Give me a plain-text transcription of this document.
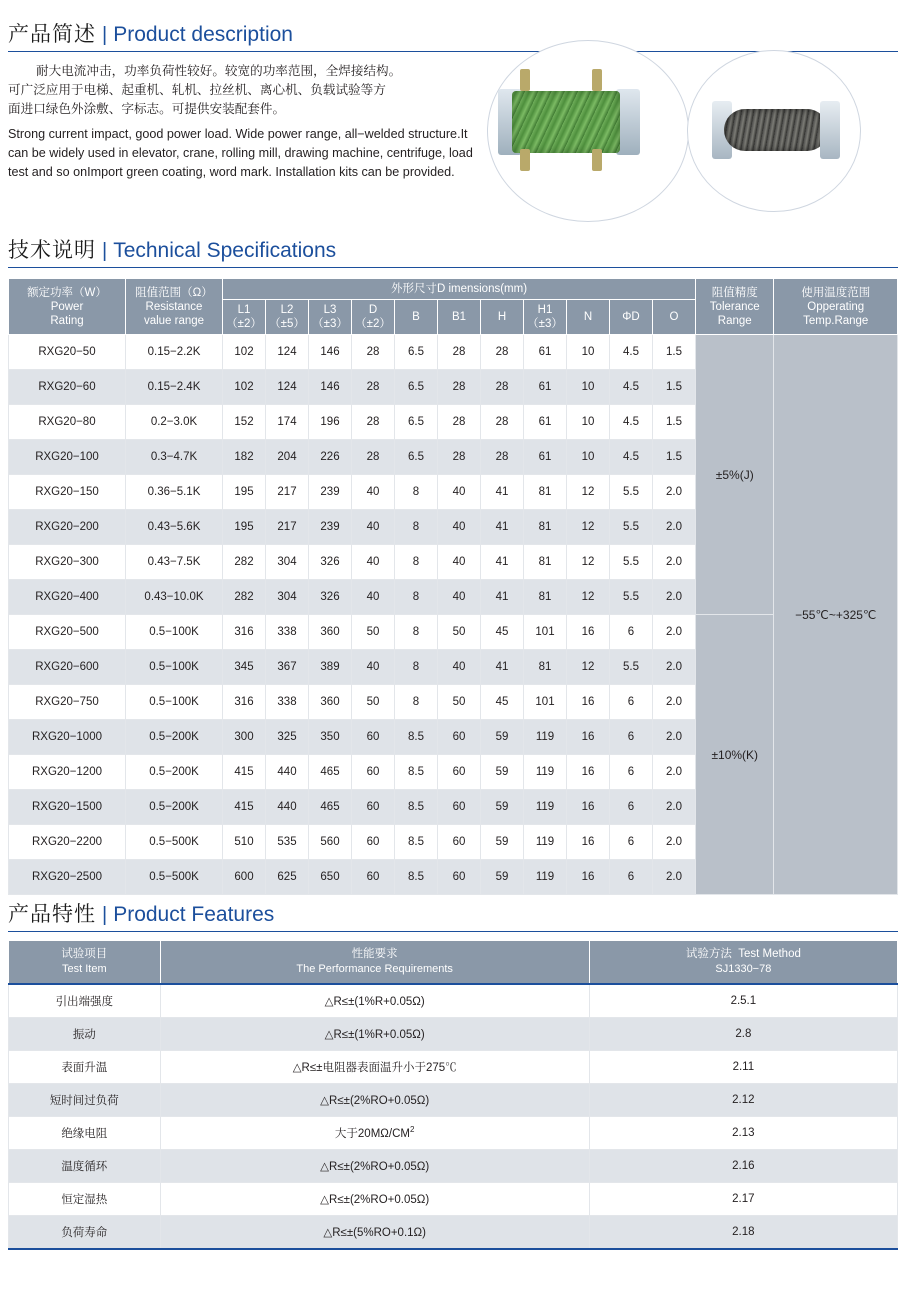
产品简述 | Product description

耐大电流冲击，功率负荷性较好。较宽的功率范围，全焊接结构。

可广泛应用于电梯、起重机、轧机、拉丝机、离心机、负载试验等方

面进口绿色外涂敷、字标志。可提供安装配套件。

Strong current impact, good power load. Wide power range, all−welded structure.It can be widely used in elevator, crane, rolling mill, drawing machine, centrifuge, load test and so onImport green coating, word mark. Installation kits can be provided.
技术说明 | Technical Specifications
额定功率（W）
Power
Rating	阻值范围（Ω）
Resistance
value range	外形尺寸D imensions(mm)											阻值精度
Tolerance
Range	使用温度范围
Opperating
Temp.Range
		L1（±2）	L2（±5）	L3（±3）	D（±2）	B	B1	H	H1（±3）	N	ΦD	O		
RXG20−50	0.15−2.2K	102	124	146	28	6.5	28	28	61	10	4.5	1.5	±5%(J)	−55℃~+325℃
RXG20−60	0.15−2.4K	102	124	146	28	6.5	28	28	61	10	4.5	1.5		
RXG20−80	0.2−3.0K	152	174	196	28	6.5	28	28	61	10	4.5	1.5		
RXG20−100	0.3−4.7K	182	204	226	28	6.5	28	28	61	10	4.5	1.5		
RXG20−150	0.36−5.1K	195	217	239	40	8	40	41	81	12	5.5	2.0		
RXG20−200	0.43−5.6K	195	217	239	40	8	40	41	81	12	5.5	2.0		
RXG20−300	0.43−7.5K	282	304	326	40	8	40	41	81	12	5.5	2.0		
RXG20−400	0.43−10.0K	282	304	326	40	8	40	41	81	12	5.5	2.0		
RXG20−500	0.5−100K	316	338	360	50	8	50	45	101	16	6	2.0	±10%(K)	
RXG20−600	0.5−100K	345	367	389	40	8	40	41	81	12	5.5	2.0		
RXG20−750	0.5−100K	316	338	360	50	8	50	45	101	16	6	2.0		
RXG20−1000	0.5−200K	300	325	350	60	8.5	60	59	119	16	6	2.0		
RXG20−1200	0.5−200K	415	440	465	60	8.5	60	59	119	16	6	2.0		
RXG20−1500	0.5−200K	415	440	465	60	8.5	60	59	119	16	6	2.0		
RXG20−2200	0.5−500K	510	535	560	60	8.5	60	59	119	16	6	2.0		
RXG20−2500	0.5−500K	600	625	650	60	8.5	60	59	119	16	6	2.0		
产品特性 | Product Features
试验项目
Test Item	性能要求
The Performance Requirements	试验方法 Test Method
SJ1330−78

引出端强度	△R≤±(1%R+0.05Ω)	2.5.1
振动	△R≤±(1%R+0.05Ω)	2.8
表面升温	△R≤±电阻器表面温升小于275℃	2.11
短时间过负荷	△R≤±(2%RO+0.05Ω)	2.12
绝缘电阻	大于$20M\Omega/CM^2$	2.13
温度循环	△R≤±(2%RO+0.05Ω)	2.16
恒定湿热	△R≤±(2%RO+0.05Ω)	2.17
负荷寿命	△R≤±(5%RO+0.1Ω)	2.18
